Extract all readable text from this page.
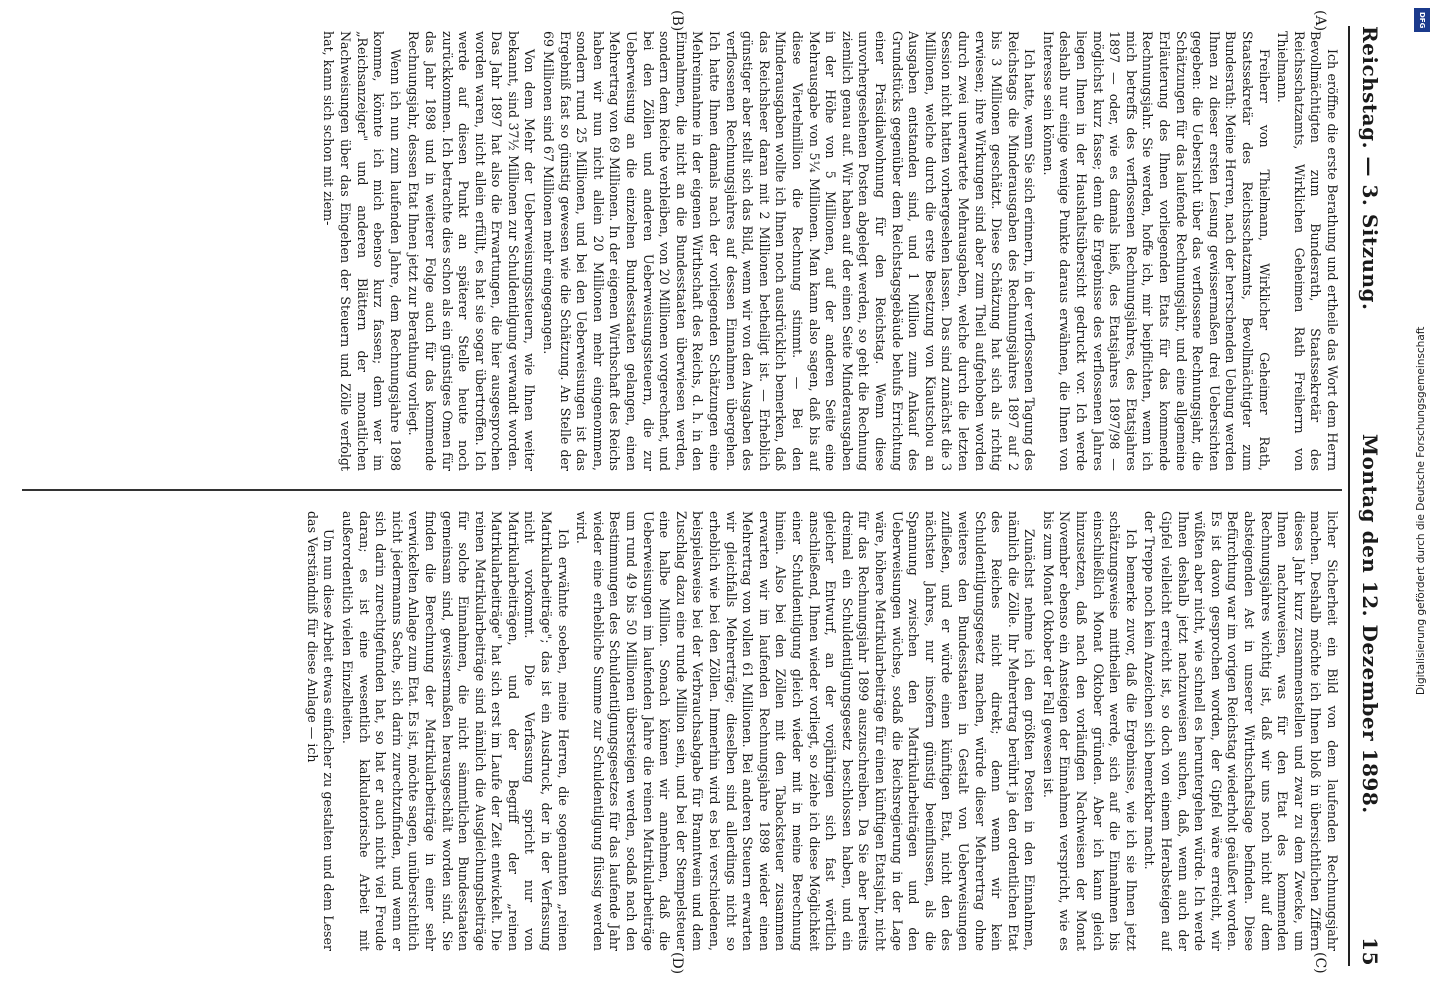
Reichstag. — 3. Sitzung.
Montag den 12. Dezember 1898.
15
(A)
(B)
(C)
(D)

Ich eröffne die erste Berathung und ertheile das Wort dem Herrn Bevollmächtigten zum Bundesrath, Staatssekretär des Reichsschatzamts, Wirklichen Geheimen Rath Freiherrn von Thielmann.

Freiherr von Thielmann, Wirklicher Geheimer Rath, Staatssekretär des Reichsschatzamts, Bevollmächtigter zum Bundesrath: Meine Herren, nach der herrschenden Uebung werden Ihnen zu dieser ersten Lesung gewissermaßen drei Uebersichten gegeben: die Uebersicht über das verflossene Rechnungsjahr, die Schätzungen für das laufende Rechnungsjahr, und eine allgemeine Erläuterung des Ihnen vorliegenden Etats für das kommende Rechnungsjahr. Sie werden, hoffe ich, mir beipflichten, wenn ich mich betreffs des verflossenen Rechnungsjahres, des Etatsjahres 1897 — oder, wie es damals hieß, des Etatsjahres 1897/98 — möglichst kurz fasse; denn die Ergebnisse des verflossenen Jahres liegen Ihnen in der Haushaltsübersicht gedruckt vor. Ich werde deshalb nur einige wenige Punkte daraus erwähnen, die Ihnen von Interesse sein können.

Ich hatte, wenn Sie sich erinnern, in der verflossenen Tagung des Reichstags die Minderausgaben des Rechnungsjahres 1897 auf 2 bis 3 Millionen geschätzt. Diese Schätzung hat sich als richtig erwiesen; ihre Wirkungen sind aber zum Theil aufgehoben worden durch zwei unerwartete Mehrausgaben, welche durch die letzten Session nicht hatten vorhergesehen lassen. Das sind zunächst die 3 Millionen, welche durch die erste Besetzung von Kiautschou an Ausgaben entstanden sind, und 1 Million zum Ankauf des Grundstücks gegenüber dem Reichstagsgebäude behufs Errichtung einer Präsidialwohnung für den Reichstag. Wenn diese unvorhergesehenen Posten abgelegt werden, so geht die Rechnung ziemlich genau auf. Wir haben auf der einen Seite Minderausgaben in der Höhe von 5 Millionen, auf der anderen Seite eine Mehrausgabe von 5¼ Millionen. Man kann also sagen, daß bis auf diese Viertelmillion die Rechnung stimmt. — Bei den Minderausgaben wollte ich Ihnen noch ausdrücklich bemerken, daß das Reichsheer daran mit 2 Millionen betheiligt ist. — Erheblich günstiger aber stellt sich das Bild, wenn wir von den Ausgaben des verflossenen Rechnungsjahres auf dessen Einnahmen übergehen. Ich hatte Ihnen damals nach der vorliegenden Schätzungen eine Mehreinnahme in der eigenen Wirthschaft des Reichs, d. h. in den Einnahmen, die nicht an die Bundesstaaten überwiesen werden, sondern dem Reiche verbleiben, von 20 Millionen vorgerechnet, und bei den Zöllen und anderen Ueberweisungssteuern, die zur Ueberweisung an die einzelnen Bundesstaaten gelangen, einen Mehrertrag von 69 Millionen. In der eigenen Wirthschaft des Reichs haben wir nun nicht allein 20 Millionen mehr eingenommen, sondern rund 25 Millionen, und bei den Ueberweisungen ist das Ergebniß fast so günstig gewesen wie die Schätzung. An Stelle der 69 Millionen sind 67 Millionen mehr eingegangen.

Von dem Mehr der Ueberweisungssteuern, wie Ihnen weiter bekannt, sind 37½ Millionen zur Schuldentilgung verwandt worden. Das Jahr 1897 hat also die Erwartungen, die hier ausgesprochen worden waren, nicht allein erfüllt, es hat sie sogar übertroffen. Ich werde auf diesen Punkt an späterer Stelle heute noch zurückkommen. Ich betrachte dies schon als ein günstiges Omen für das Jahr 1898 und in weiterer Folge auch für das kommende Rechnungsjahr, dessen Etat Ihnen jetzt zur Berathung vorliegt.

Wenn ich nun zum laufenden Jahre, dem Rechnungsjahre 1898 komme, könnte ich mich ebenso kurz fassen; denn wer im „Reichsanzeiger" und anderen Blättern der monatlichen Nachweisungen über das Eingehen der Steuern und Zölle verfolgt hat, kann sich schon mit ziem-

licher Sicherheit ein Bild von dem laufenden Rechnungsjahr machen. Deshalb möchte ich Ihnen bloß in übersichtlichen Ziffern dieses Jahr kurz zusammenstellen und zwar zu dem Zwecke, um Ihnen nachzuweisen, was für den Etat des kommenden Rechnungsjahres wichtig ist, daß wir uns noch nicht auf dem absteigenden Ast in unserer Wirthschaftslage befinden. Diese Befürchtung war im vorigen Reichstag wiederholt geäußert worden. Es ist davon gesprochen worden, der Gipfel wäre erreicht, wir wüßten aber nicht, wie schnell es heruntergehen würde. Ich werde Ihnen deshalb jetzt nachzuweisen suchen, daß, wenn auch der Gipfel vielleicht erreicht ist, so doch von einem Herabsteigen auf der Treppe noch kein Anzeichen sich bemerkbar macht.

Ich bemerke zuvor, daß die Ergebnisse, wie ich sie Ihnen jetzt schätzungsweise mittheilen werde, sich auf die Einnahmen bis einschließlich Monat Oktober gründen. Aber ich kann gleich hinzusetzen, daß nach den vorläufigen Nachweisen der Monat November ebenso ein Ansteigen der Einnahmen verspricht, wie es bis zum Monat Oktober der Fall gewesen ist.

Zunächst nehme ich den größten Posten in den Einnahmen, nämlich die Zölle. Ihr Mehrertrag berührt ja den ordentlichen Etat des Reiches nicht direkt; denn wenn wir kein Schuldentilgungsgesetz machen, würde dieser Mehrertrag ohne weiteres den Bundesstaaten in Gestalt von Ueberweisungen zufließen, und er würde einen künftigen Etat, nicht den des nächsten Jahres, nur insofern günstig beeinflussen, als die Spannung zwischen den Matrikularbeiträgen und den Ueberweisungen wüchse, sodaß die Reichsregierung in der Lage wäre, höhere Matrikularbeiträge für einen künftigen Etatsjahr, nicht für das Rechnungsjahr 1899 auszuschreiben. Da Sie aber bereits dreimal ein Schuldentilgungsgesetz beschlossen haben, und ein gleicher Entwurf, an der vorjährigen sich fast wörtlich anschließend, Ihnen wieder vorliegt, so ziehe ich diese Möglichkeit einer Schuldentilgung gleich wieder mit in meine Berechnung hinein. Also bei den Zöllen mit den Tabacksteuer zusammen erwarten wir im laufenden Rechnungsjahre 1898 wieder einen Mehrertrag von vollen 61 Millionen. Bei anderen Steuern erwarten wir gleichfalls Mehrerträge; dieselben sind allerdings nicht so erheblich wie bei den Zöllen. Immerhin wird es bei verschiedenen, beispielsweise bei der Verbrauchsabgabe für Branntwein und dem Zuschlag dazu eine runde Million sein, und bei der Stempelsteuer eine halbe Million. Sonach können wir annehmen, daß die Ueberweisungen im laufenden Jahre die reinen Matrikularbeiträge um rund 49 bis 50 Millionen übersteigen werden, sodaß nach den Bestimmungen des Schuldentilgungsgesetzes für das laufende Jahr wieder eine erhebliche Summe zur Schuldentilgung flüssig werden wird.

Ich erwähnte soeben, meine Herren, die sogenannten „reinen Matrikularbeiträge"; das ist ein Ausdruck, der in der Verfassung nicht vorkommt. Die Verfassung spricht nur von Matrikularbeiträgen, und der Begriff der „reinen Matrikularbeiträge" hat sich erst im Laufe der Zeit entwickelt. Die reinen Matrikularbeiträge sind nämlich die Ausgleichungsbeiträge für solche Einnahmen, die nicht sämmtlichen Bundesstaaten gemeinsam sind, gewissermaßen herausgeschält worden sind. Sie finden die Berechnung der Matrikularbeiträge in einer sehr verwickelten Anlage zum Etat. Es ist, möchte sagen, unübersichtlich nicht jedermanns Sache, sich darin zurechtzufinden, und wenn er sich darin zurechtgefunden hat, so hat er auch nicht viel Freude daran; es ist eine wesentlich kalkulatorische Arbeit mit außerordentlich vielen Einzelheiten.

Um nun diese Arbeit etwas einfacher zu gestalten und dem Leser das Verständniß für diese Anlage — ich

DFG
Digitalisierung gefördert durch die Deutsche Forschungsgemeinschaft
